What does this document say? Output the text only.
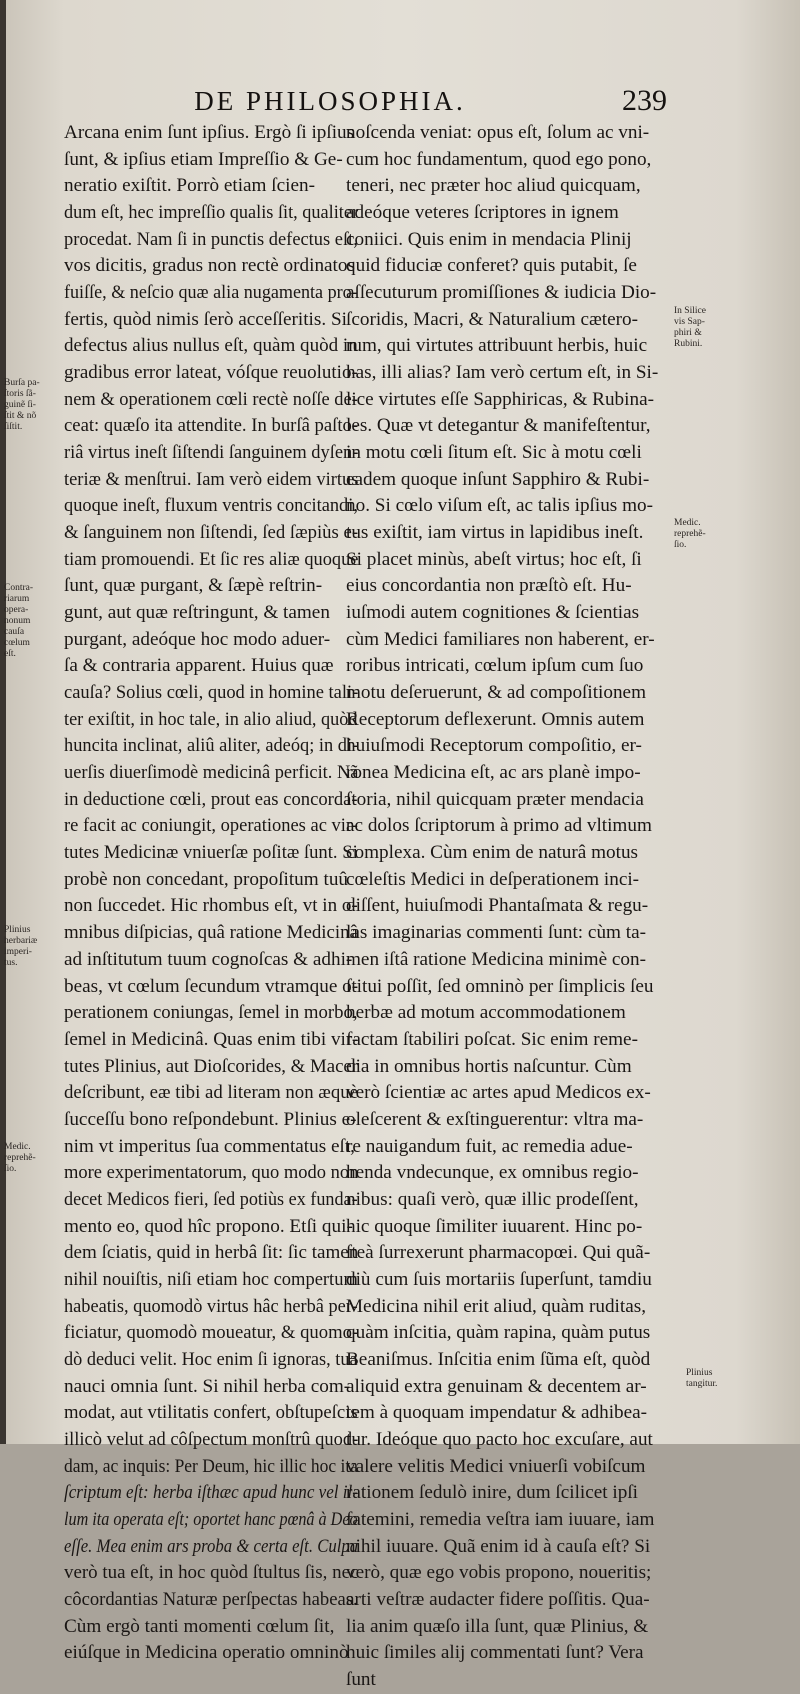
DE PHILOSOPHIA.	239
Arcana enim ſunt ipſius. Ergò ſi ipſius
ſunt, & ipſius etiam Impreſſio & Ge-
neratio exiſtit. Porrò etiam ſcien-
dum eſt, hec impreſſio qualis ſit, qualiter
procedat. Nam ſi in punctis defectus eſt,
vos dicitis, gradus non rectè ordinatos
fuiſſe, & neſcio quæ alia nugamenta pro-
fertis, quòd nimis ſerò acceſſeritis. Si
defectus alius nullus eſt, quàm quòd in
gradibus error lateat, vóſque reuolutio-
nem & operationem cœli rectè noſſe de-
ceat: quæſo ita attendite. In burſâ paſto-
riâ virtus ineſt ſiſtendi ſanguinem dyſen-
teriæ & menſtrui. Iam verò eidem virtus
quoque ineſt, fluxum ventris concitandi,
& ſanguinem non ſiſtendi, ſed ſæpiùs e-
tiam promouendi. Et ſic res aliæ quoque
ſunt, quæ purgant, & ſæpè reſtrin-
gunt, aut quæ reſtringunt, & tamen
purgant, adeóque hoc modo aduer-
ſa & contraria apparent. Huius quæ
cauſa? Solius cœli, quod in homine tali-
ter exiſtit, in hoc tale, in alio aliud, quòd
huncita inclinat, aliû aliter, adeóq; in di-
uerſis diuerſimodè medicinâ perficit. Nã
in deductione cœli, prout eas concorda-
re facit ac coniungit, operationes ac vir-
tutes Medicinæ vniuerſæ poſitæ ſunt. Si
probè non concedant, propoſitum tuû
non ſuccedet. Hic rhombus eſt, vt in o-
mnibus diſpicias, quâ ratione Medicinâ
ad inſtitutum tuum cognoſcas & adhi-
beas, vt cœlum ſecundum vtramque o-
perationem coniungas, ſemel in morbo,
ſemel in Medicinâ. Quas enim tibi vir-
tutes Plinius, aut Dioſcorides, & Macer
deſcribunt, eæ tibi ad literam non æquè
ſucceſſu bono reſpondebunt. Plinius e-
nim vt imperitus ſua commentatus eſt,
more experimentatorum, quo modo non
decet Medicos fieri, ſed potiùs ex funda-
mento eo, quod hîc propono. Etſi qui-
dem ſciatis, quid in herbâ ſit: ſic tamen
nihil nouiſtis, niſi etiam hoc compertum
habeatis, quomodò virtus hâc herbâ per-
ficiatur, quomodò moueatur, & quomo-
dò deduci velit. Hoc enim ſi ignoras, tua
nauci omnia ſunt. Si nihil herba com-
modat, aut vtilitatis confert, obſtupeſcis
illicò velut ad côſpectum monſtrû quod-
dam, ac inquis: Per Deum, hic illic hoc ita
ſcriptum eſt: herba iſthæc apud hunc vel il-
lum ita operata eſt; oportet hanc pœnâ à Deo
eſſe. Mea enim ars proba & certa eſt. Culpa
verò tua eſt, in hoc quòd ſtultus ſis, nec
côcordantias Naturæ perſpectas habeas.
Cùm ergò tanti momenti cœlum ſit,
eiúſque in Medicina operatio omninò
noſcenda veniat: opus eſt, ſolum ac vni-
cum hoc fundamentum, quod ego pono,
teneri, nec præter hoc aliud quicquam,
adeóque veteres ſcriptores in ignem
coniici. Quis enim in mendacia Plinij
quid fiduciæ conferet? quis putabit, ſe
aſſecuturum promiſſiones & iudicia Dio-
ſcoridis, Macri, & Naturalium cætero-
rum, qui virtutes attribuunt herbis, huic
has, illi alias? Iam verò certum eſt, in Si-
lice virtutes eſſe Sapphiricas, & Rubina-
les. Quæ vt detegantur & manifeſtentur,
in motu cœli ſitum eſt. Sic à motu cœli
eadem quoque inſunt Sapphiro & Rubi-
no. Si cœlo viſum eſt, ac talis ipſius mo-
tus exiſtit, iam virtus in lapidibus ineſt.
Si placet minùs, abeſt virtus; hoc eſt, ſi
eius concordantia non præſtò eſt. Hu-
iuſmodi autem cognitiones & ſcientias
cùm Medici familiares non haberent, er-
roribus intricati, cœlum ipſum cum ſuo
motu deſeruerunt, & ad compoſitionem
Receptorum deflexerunt. Omnis autem
huiuſmodi Receptorum compoſitio, er-
ronea Medicina eſt, ac ars planè impo-
ſtoria, nihil quicquam præter mendacia
ac dolos ſcriptorum à primo ad vltimum
complexa. Cùm enim de naturâ motus
cœleſtis Medici in deſperationem inci-
diſſent, huiuſmodi Phantaſmata & regu-
las imaginarias commenti ſunt: cùm ta-
men iſtâ ratione Medicina minimè con-
ſtitui poſſit, ſed omninò per ſimplicis ſeu
herbæ ad motum accommodationem
factam ſtabiliri poſcat. Sic enim reme-
dia in omnibus hortis naſcuntur. Cùm
verò ſcientiæ ac artes apud Medicos ex-
oleſcerent & exſtinguerentur: vltra ma-
re nauigandum fuit, ac remedia adue-
henda vndecunque, ex omnibus regio-
nibus: quaſi verò, quæ illic prodeſſent,
hic quoque ſimiliter iuuarent. Hinc po-
ſteà ſurrexerunt pharmacopœi. Qui quã-
diù cum ſuis mortariis ſuperſunt, tamdiu
Medicina nihil erit aliud, quàm ruditas,
quàm inſcitia, quàm rapina, quàm putus
Beaniſmus. Inſcitia enim ſũma eſt, quòd
aliquid extra genuinam & decentem ar-
tem à quoquam impendatur & adhibea-
tur. Ideóque quo pacto hoc excuſare, aut
valere velitis Medici vniuerſi vobiſcum
rationem ſedulò inire, dum ſcilicet ipſi
fatemini, remedia veſtra iam iuuare, iam
nihil iuuare. Quã enim id à cauſa eſt? Si
verò, quæ ego vobis propono, noueritis;
arti veſtræ audacter fidere poſſitis. Qua-
lia anim quæſo illa ſunt, quæ Plinius, &
huic ſimiles alij commentati ſunt? Vera
ſunt
Burſa pa-
ſtoris ſã-
guinẽ ſi-
ſtit & nõ
ſiſtit.
Contra-
riarum
opera-
nonum
cauſa
cœlum
eſt.
Plinius
herbariæ
imperi-
tus.
Medic.
reprehẽ-
ſio.
In Silice
vis Sap-
phiri &
Rubini.
Medic.
reprehẽ-
ſio.
Plinius
tangitur.
